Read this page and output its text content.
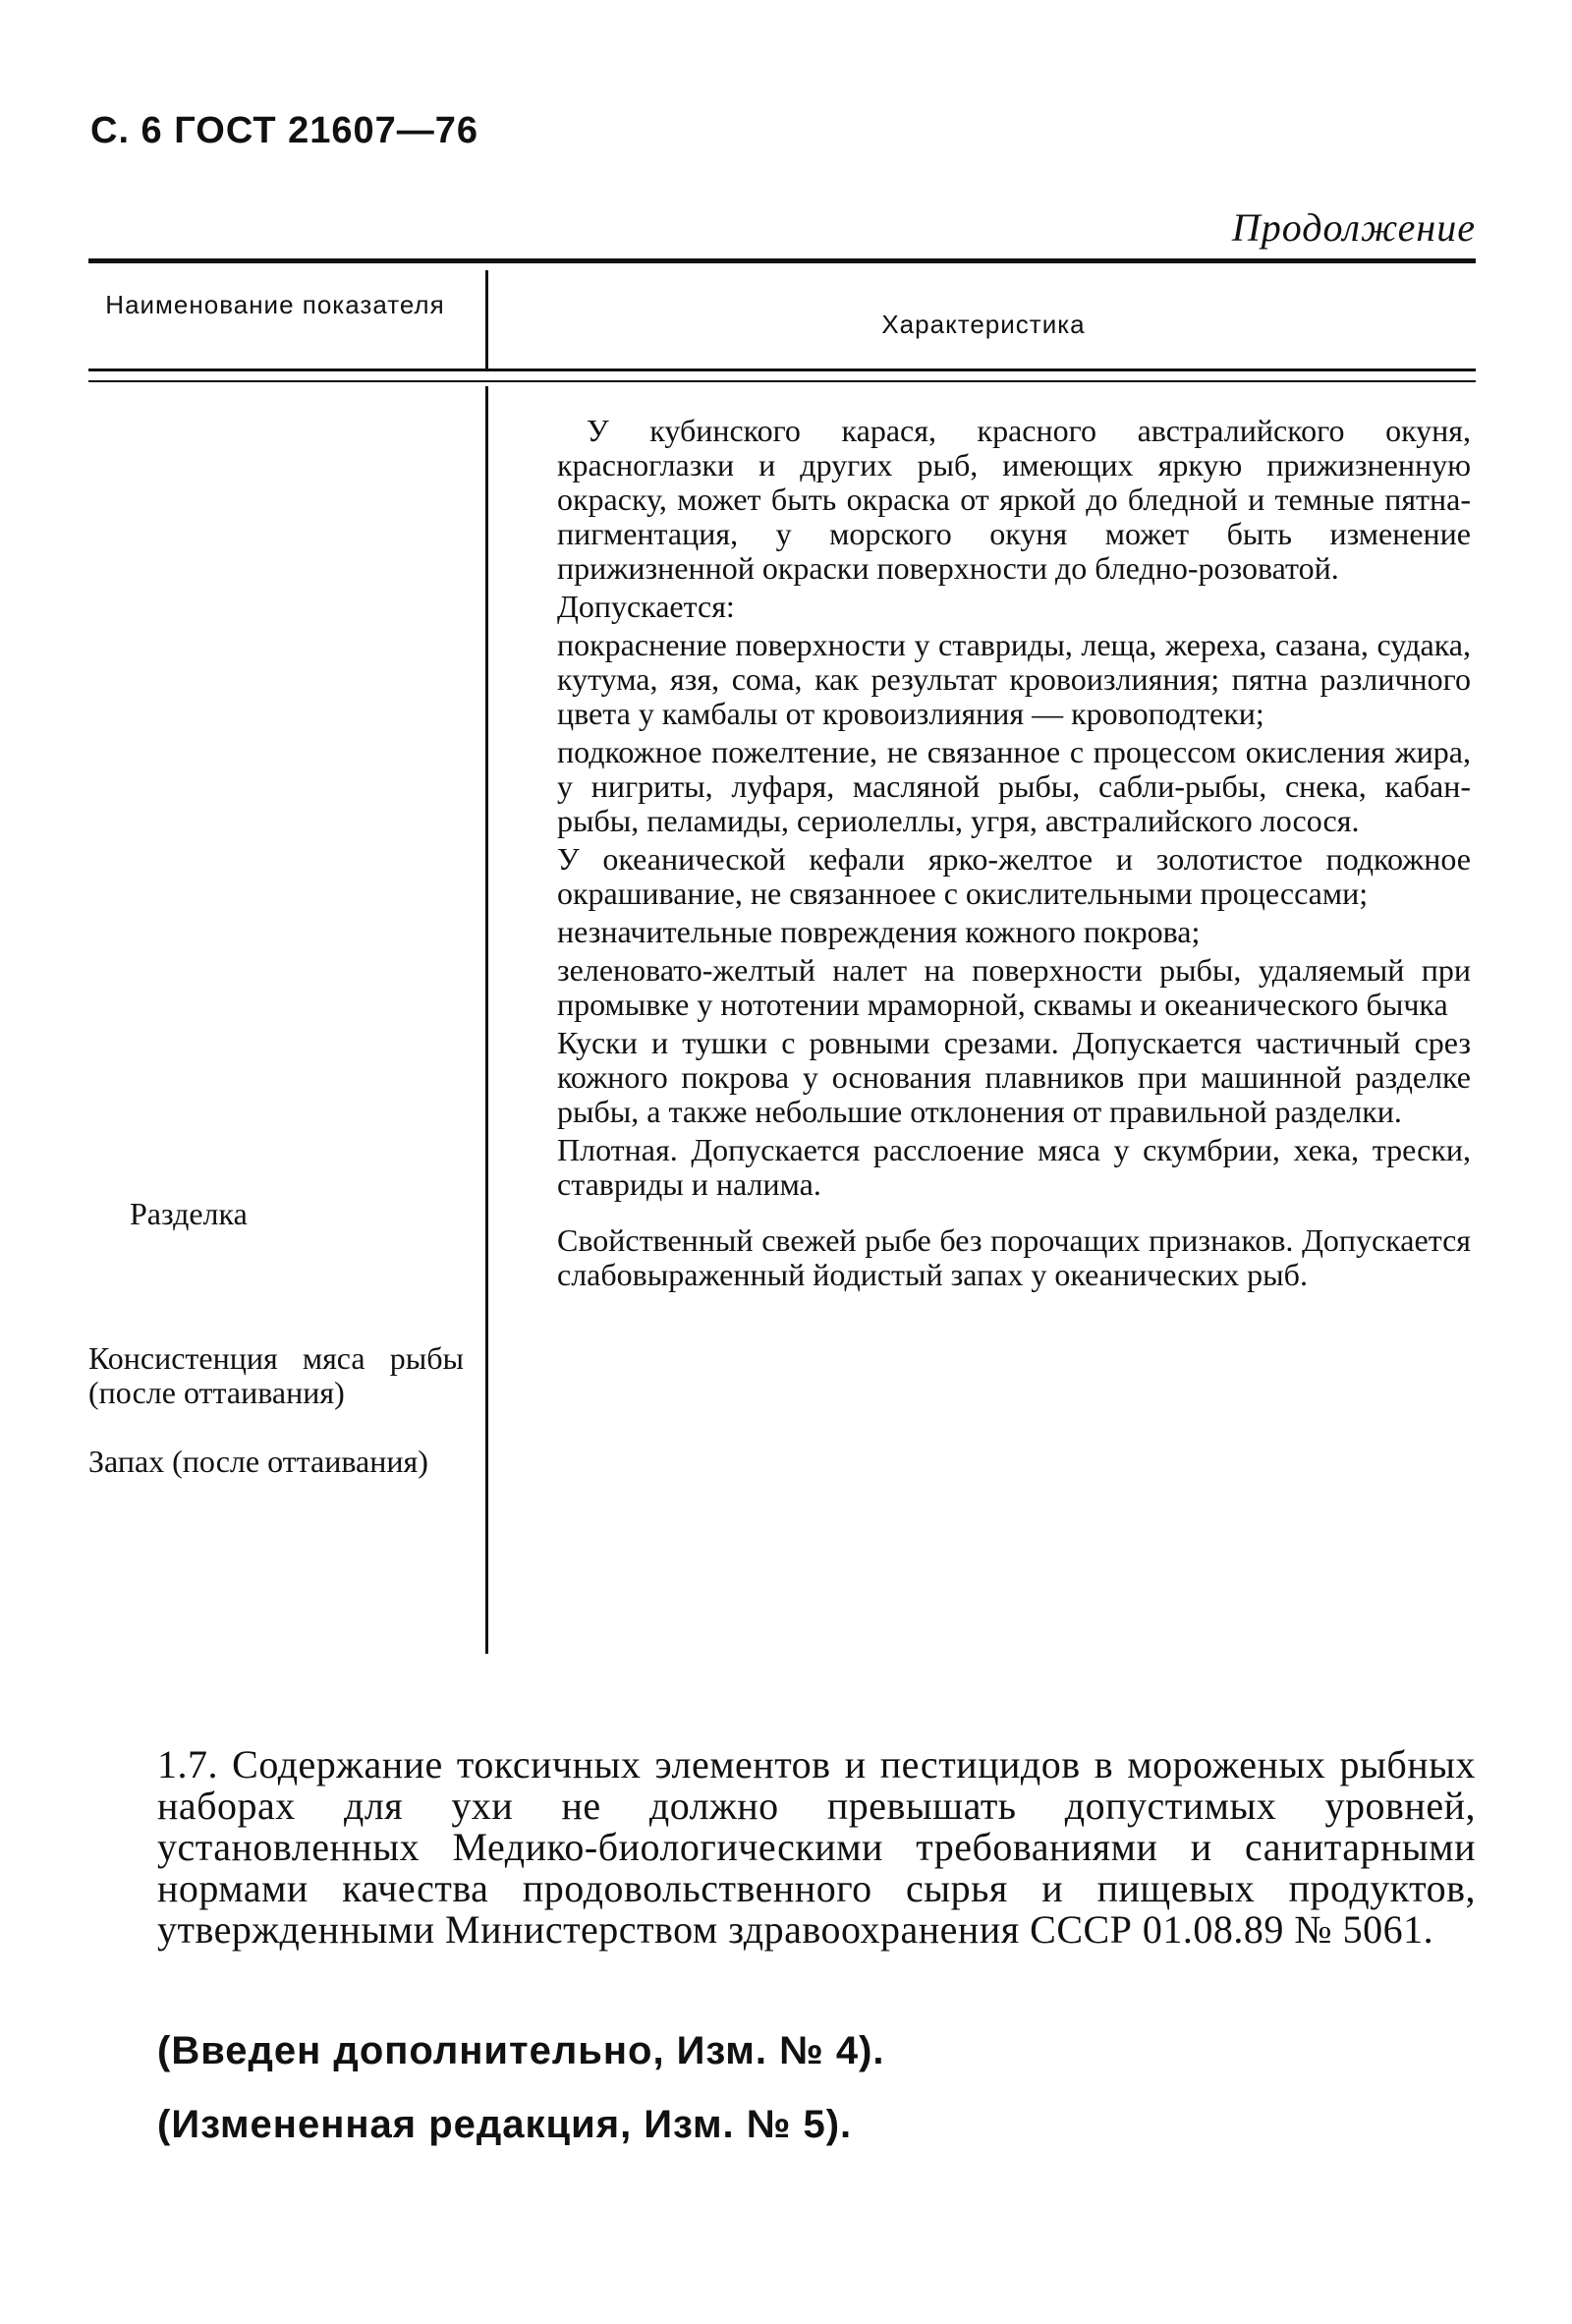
С. 6 ГОСТ 21607—76
Продолжение
Наименование показателя
Характеристика

У кубинского карася, красного австралийского окуня, красноглазки и других рыб, имеющих яркую прижизненную окраску, может быть окраска от яркой до бледной и темные пятна-пигментация, у морского окуня может быть изменение прижизненной окраски поверхности до бледно-розоватой.

Допускается:

покраснение поверхности у ставриды, леща, жереха, сазана, судака, кутума, язя, сома, как результат кровоизлияния; пятна различного цвета у камбалы от кровоизлияния — кровоподтеки;

подкожное пожелтение, не связанное с процессом окисления жира, у нигриты, луфаря, масляной рыбы, сабли-рыбы, снека, кабан-рыбы, пеламиды, сериолеллы, угря, австралийского лосося.

У океанической кефали ярко-желтое и золотистое подкожное окрашивание, не связанноее с окислительными процессами;

незначительные повреждения кожного покрова;

зеленовато-желтый налет на поверхности рыбы, удаляемый при промывке у нототении мраморной, сквамы и океанического бычка

Куски и тушки с ровными срезами. Допускается частичный срез кожного покрова у основания плавников при машинной разделке рыбы, а также небольшие отклонения от правильной разделки.

Плотная. Допускается расслоение мяса у скумбрии, хека, трески, ставриды и налима.

Свойственный свежей рыбе без порочащих признаков. Допускается слабовыраженный йодистый запах у океанических рыб.

Разделка
Консистенция мяса рыбы (после оттаивания)
Запах (после оттаивания)
1.7. Содержание токсичных элементов и пестицидов в мороженых рыбных наборах для ухи не должно превышать допустимых уровней, установленных Медико-биологическими требованиями и санитарными нормами качества продовольственного сырья и пищевых продуктов, утвержденными Министерством здравоохранения СССР 01.08.89 № 5061.
(Введен дополнительно, Изм. № 4).
(Измененная редакция, Изм. № 5).
